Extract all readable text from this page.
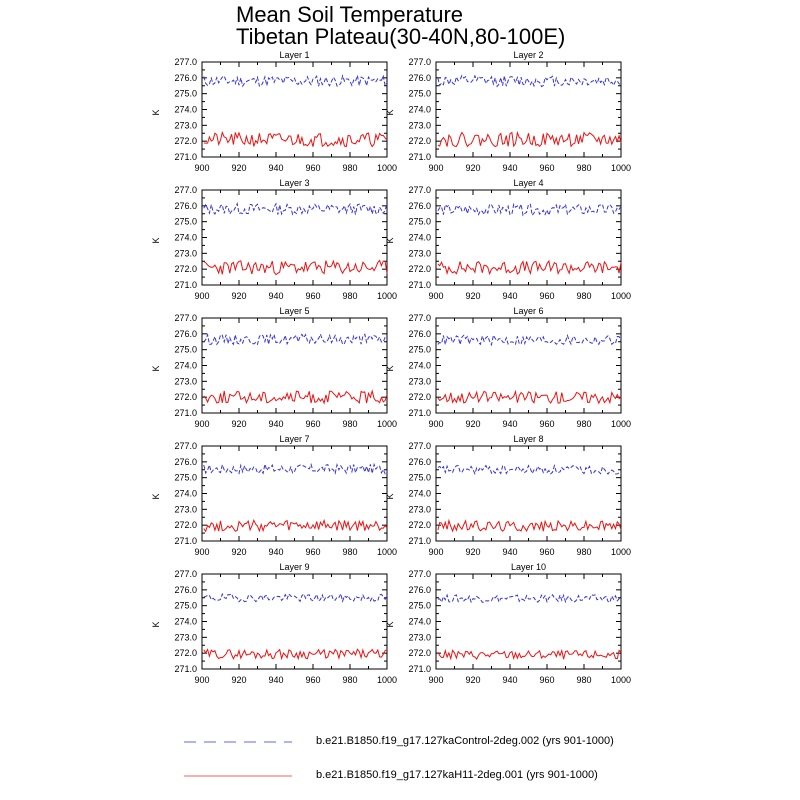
Mean Soil Temperature
Tibetan Plateau(30-40N,80-100E)
Layer 1
K
271.0
272.0
273.0
274.0
275.0
276.0
277.0
900 920 940 960 980 1000
Layer 2
K
271.0
272.0
273.0
274.0
275.0
276.0
277.0
900 920 940 960 980 1000
Layer 3
K
271.0
272.0
273.0
274.0
275.0
276.0
277.0
900 920 940 960 980 1000
Layer 4
K
271.0
272.0
273.0
274.0
275.0
276.0
277.0
900 920 940 960 980 1000
Layer 5
K
271.0
272.0
273.0
274.0
275.0
276.0
277.0
900 920 940 960 980 1000
Layer 6
K
271.0
272.0
273.0
274.0
275.0
276.0
277.0
900 920 940 960 980 1000
Layer 7
K
271.0
272.0
273.0
274.0
275.0
276.0
277.0
900 920 940 960 980 1000
Layer 8
K
271.0
272.0
273.0
274.0
275.0
276.0
277.0
900 920 940 960 980 1000
Layer 9
K
271.0
272.0
273.0
274.0
275.0
276.0
277.0
900 920 940 960 980 1000
Layer 10
K
271.0
272.0
273.0
274.0
275.0
276.0
277.0
900 920 940 960 980 1000
b.e21.B1850.f19_g17.127kaControl-2deg.002 (yrs 901-1000)
b.e21.B1850.f19_g17.127kaH11-2deg.001 (yrs 901-1000)
